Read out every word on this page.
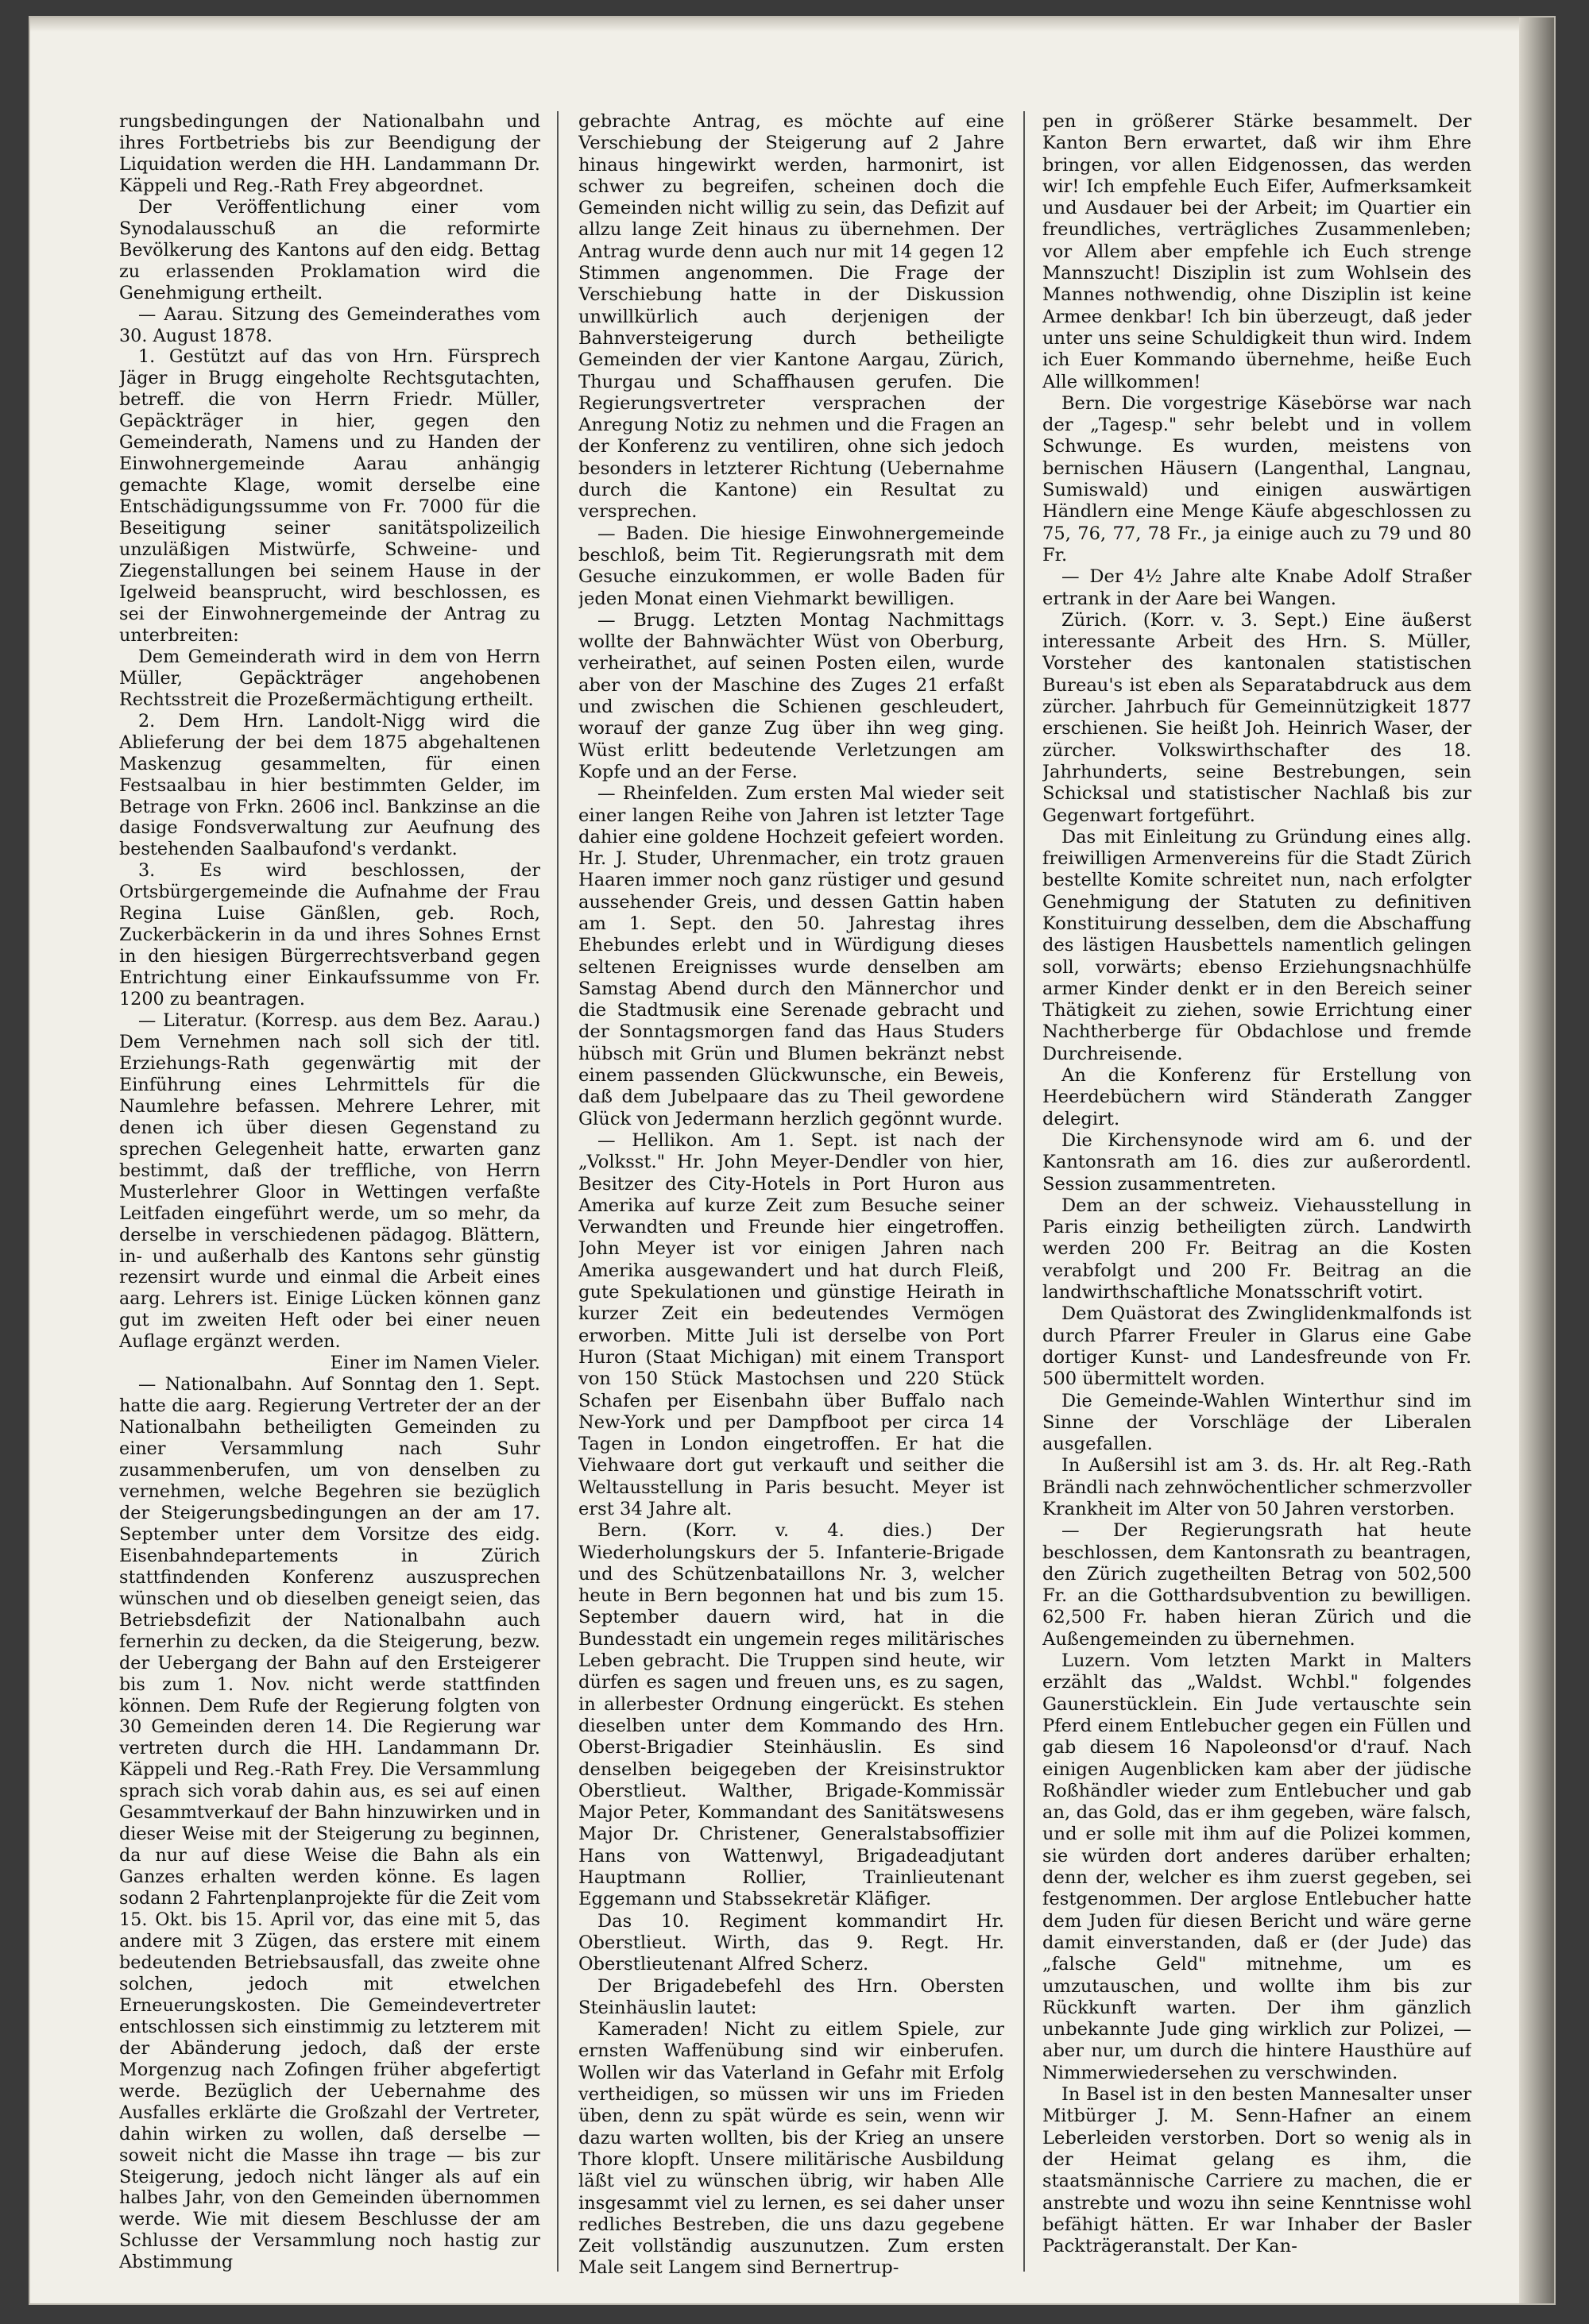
rungsbedingungen der Nationalbahn und ihres Fortbetriebs bis zur Beendigung der Liquidation werden die HH. Landammann Dr. Käppeli und Reg.-Rath Frey abgeordnet.

Der Veröffentlichung einer vom Synodalausschuß an die reformirte Bevölkerung des Kantons auf den eidg. Bettag zu erlassenden Proklamation wird die Genehmigung ertheilt.

— Aarau. Sitzung des Gemeinderathes vom 30. August 1878.

1. Gestützt auf das von Hrn. Fürsprech Jäger in Brugg eingeholte Rechtsgutachten, betreff. die von Herrn Friedr. Müller, Gepäckträger in hier, gegen den Gemeinderath, Namens und zu Handen der Einwohnergemeinde Aarau anhängig gemachte Klage, womit derselbe eine Entschädigungssumme von Fr. 7000 für die Beseitigung seiner sanitätspolizeilich unzuläßigen Mistwürfe, Schweine- und Ziegenstallungen bei seinem Hause in der Igelweid beansprucht, wird beschlossen, es sei der Einwohnergemeinde der Antrag zu unterbreiten:

Dem Gemeinderath wird in dem von Herrn Müller, Gepäckträger angehobenen Rechtsstreit die Prozeßermächtigung ertheilt.

2. Dem Hrn. Landolt-Nigg wird die Ablieferung der bei dem 1875 abgehaltenen Maskenzug gesammelten, für einen Festsaalbau in hier bestimmten Gelder, im Betrage von Frkn. 2606 incl. Bankzinse an die dasige Fondsverwaltung zur Aeufnung des bestehenden Saalbaufond's verdankt.

3. Es wird beschlossen, der Ortsbürgergemeinde die Aufnahme der Frau Regina Luise Gänßlen, geb. Roch, Zuckerbäckerin in da und ihres Sohnes Ernst in den hiesigen Bürgerrechtsverband gegen Entrichtung einer Einkaufssumme von Fr. 1200 zu beantragen.

— Literatur. (Korresp. aus dem Bez. Aarau.) Dem Vernehmen nach soll sich der titl. Erziehungs-Rath gegenwärtig mit der Einführung eines Lehrmittels für die Naumlehre befassen. Mehrere Lehrer, mit denen ich über diesen Gegenstand zu sprechen Gelegenheit hatte, erwarten ganz bestimmt, daß der treffliche, von Herrn Musterlehrer Gloor in Wettingen verfaßte Leitfaden eingeführt werde, um so mehr, da derselbe in verschiedenen pädagog. Blättern, in- und außerhalb des Kantons sehr günstig rezensirt wurde und einmal die Arbeit eines aarg. Lehrers ist. Einige Lücken können ganz gut im zweiten Heft oder bei einer neuen Auflage ergänzt werden.

Einer im Namen Vieler.

— Nationalbahn. Auf Sonntag den 1. Sept. hatte die aarg. Regierung Vertreter der an der Nationalbahn betheiligten Gemeinden zu einer Versammlung nach Suhr zusammenberufen, um von denselben zu vernehmen, welche Begehren sie bezüglich der Steigerungsbedingungen an der am 17. September unter dem Vorsitze des eidg. Eisenbahndepartements in Zürich stattfindenden Konferenz auszusprechen wünschen und ob dieselben geneigt seien, das Betriebsdefizit der Nationalbahn auch fernerhin zu decken, da die Steigerung, bezw. der Uebergang der Bahn auf den Ersteigerer bis zum 1. Nov. nicht werde stattfinden können. Dem Rufe der Regierung folgten von 30 Gemeinden deren 14. Die Regierung war vertreten durch die HH. Landammann Dr. Käppeli und Reg.-Rath Frey. Die Versammlung sprach sich vorab dahin aus, es sei auf einen Gesammtverkauf der Bahn hinzuwirken und in dieser Weise mit der Steigerung zu beginnen, da nur auf diese Weise die Bahn als ein Ganzes erhalten werden könne. Es lagen sodann 2 Fahrtenplanprojekte für die Zeit vom 15. Okt. bis 15. April vor, das eine mit 5, das andere mit 3 Zügen, das erstere mit einem bedeutenden Betriebsausfall, das zweite ohne solchen, jedoch mit etwelchen Erneuerungskosten. Die Gemeindevertreter entschlossen sich einstimmig zu letzterem mit der Abänderung jedoch, daß der erste Morgenzug nach Zofingen früher abgefertigt werde. Bezüglich der Uebernahme des Ausfalles erklärte die Großzahl der Vertreter, dahin wirken zu wollen, daß derselbe — soweit nicht die Masse ihn trage — bis zur Steigerung, jedoch nicht länger als auf ein halbes Jahr, von den Gemeinden übernommen werde. Wie mit diesem Beschlusse der am Schlusse der Versammlung noch hastig zur Abstimmung

gebrachte Antrag, es möchte auf eine Verschiebung der Steigerung auf 2 Jahre hinaus hingewirkt werden, harmonirt, ist schwer zu begreifen, scheinen doch die Gemeinden nicht willig zu sein, das Defizit auf allzu lange Zeit hinaus zu übernehmen. Der Antrag wurde denn auch nur mit 14 gegen 12 Stimmen angenommen. Die Frage der Verschiebung hatte in der Diskussion unwillkürlich auch derjenigen der Bahnversteigerung durch betheiligte Gemeinden der vier Kantone Aargau, Zürich, Thurgau und Schaffhausen gerufen. Die Regierungsvertreter versprachen der Anregung Notiz zu nehmen und die Fragen an der Konferenz zu ventiliren, ohne sich jedoch besonders in letzterer Richtung (Uebernahme durch die Kantone) ein Resultat zu versprechen.

— Baden. Die hiesige Einwohnergemeinde beschloß, beim Tit. Regierungsrath mit dem Gesuche einzukommen, er wolle Baden für jeden Monat einen Viehmarkt bewilligen.

— Brugg. Letzten Montag Nachmittags wollte der Bahnwächter Wüst von Oberburg, verheirathet, auf seinen Posten eilen, wurde aber von der Maschine des Zuges 21 erfaßt und zwischen die Schienen geschleudert, worauf der ganze Zug über ihn weg ging. Wüst erlitt bedeutende Verletzungen am Kopfe und an der Ferse.

— Rheinfelden. Zum ersten Mal wieder seit einer langen Reihe von Jahren ist letzter Tage dahier eine goldene Hochzeit gefeiert worden. Hr. J. Studer, Uhrenmacher, ein trotz grauen Haaren immer noch ganz rüstiger und gesund aussehender Greis, und dessen Gattin haben am 1. Sept. den 50. Jahrestag ihres Ehebundes erlebt und in Würdigung dieses seltenen Ereignisses wurde denselben am Samstag Abend durch den Männerchor und die Stadtmusik eine Serenade gebracht und der Sonntagsmorgen fand das Haus Studers hübsch mit Grün und Blumen bekränzt nebst einem passenden Glückwunsche, ein Beweis, daß dem Jubelpaare das zu Theil gewordene Glück von Jedermann herzlich gegönnt wurde.

— Hellikon. Am 1. Sept. ist nach der „Volksst." Hr. John Meyer-Dendler von hier, Besitzer des City-Hotels in Port Huron aus Amerika auf kurze Zeit zum Besuche seiner Verwandten und Freunde hier eingetroffen. John Meyer ist vor einigen Jahren nach Amerika ausgewandert und hat durch Fleiß, gute Spekulationen und günstige Heirath in kurzer Zeit ein bedeutendes Vermögen erworben. Mitte Juli ist derselbe von Port Huron (Staat Michigan) mit einem Transport von 150 Stück Mastochsen und 220 Stück Schafen per Eisenbahn über Buffalo nach New-York und per Dampfboot per circa 14 Tagen in London eingetroffen. Er hat die Viehwaare dort gut verkauft und seither die Weltausstellung in Paris besucht. Meyer ist erst 34 Jahre alt.

Bern. (Korr. v. 4. dies.) Der Wiederholungskurs der 5. Infanterie-Brigade und des Schützenbataillons Nr. 3, welcher heute in Bern begonnen hat und bis zum 15. September dauern wird, hat in die Bundesstadt ein ungemein reges militärisches Leben gebracht. Die Truppen sind heute, wir dürfen es sagen und freuen uns, es zu sagen, in allerbester Ordnung eingerückt. Es stehen dieselben unter dem Kommando des Hrn. Oberst-Brigadier Steinhäuslin. Es sind denselben beigegeben der Kreisinstruktor Oberstlieut. Walther, Brigade-Kommissär Major Peter, Kommandant des Sanitätswesens Major Dr. Christener, Generalstabsoffizier Hans von Wattenwyl, Brigadeadjutant Hauptmann Rollier, Trainlieutenant Eggemann und Stabssekretär Kläfiger.

Das 10. Regiment kommandirt Hr. Oberstlieut. Wirth, das 9. Regt. Hr. Oberstlieutenant Alfred Scherz.

Der Brigadebefehl des Hrn. Obersten Steinhäuslin lautet:

Kameraden! Nicht zu eitlem Spiele, zur ernsten Waffenübung sind wir einberufen. Wollen wir das Vaterland in Gefahr mit Erfolg vertheidigen, so müssen wir uns im Frieden üben, denn zu spät würde es sein, wenn wir dazu warten wollten, bis der Krieg an unsere Thore klopft. Unsere militärische Ausbildung läßt viel zu wünschen übrig, wir haben Alle insgesammt viel zu lernen, es sei daher unser redliches Bestreben, die uns dazu gegebene Zeit vollständig auszunutzen. Zum ersten Male seit Langem sind Bernertrup-

pen in größerer Stärke besammelt. Der Kanton Bern erwartet, daß wir ihm Ehre bringen, vor allen Eidgenossen, das werden wir! Ich empfehle Euch Eifer, Aufmerksamkeit und Ausdauer bei der Arbeit; im Quartier ein freundliches, verträgliches Zusammenleben; vor Allem aber empfehle ich Euch strenge Mannszucht! Disziplin ist zum Wohlsein des Mannes nothwendig, ohne Disziplin ist keine Armee denkbar! Ich bin überzeugt, daß jeder unter uns seine Schuldigkeit thun wird. Indem ich Euer Kommando übernehme, heiße Euch Alle willkommen!

Bern. Die vorgestrige Käsebörse war nach der „Tagesp." sehr belebt und in vollem Schwunge. Es wurden, meistens von bernischen Häusern (Langenthal, Langnau, Sumiswald) und einigen auswärtigen Händlern eine Menge Käufe abgeschlossen zu 75, 76, 77, 78 Fr., ja einige auch zu 79 und 80 Fr.

— Der 4½ Jahre alte Knabe Adolf Straßer ertrank in der Aare bei Wangen.

Zürich. (Korr. v. 3. Sept.) Eine äußerst interessante Arbeit des Hrn. S. Müller, Vorsteher des kantonalen statistischen Bureau's ist eben als Separatabdruck aus dem zürcher. Jahrbuch für Gemeinnützigkeit 1877 erschienen. Sie heißt Joh. Heinrich Waser, der zürcher. Volkswirthschafter des 18. Jahrhunderts, seine Bestrebungen, sein Schicksal und statistischer Nachlaß bis zur Gegenwart fortgeführt.

Das mit Einleitung zu Gründung eines allg. freiwilligen Armenvereins für die Stadt Zürich bestellte Komite schreitet nun, nach erfolgter Genehmigung der Statuten zu definitiven Konstituirung desselben, dem die Abschaffung des lästigen Hausbettels namentlich gelingen soll, vorwärts; ebenso Erziehungsnachhülfe armer Kinder denkt er in den Bereich seiner Thätigkeit zu ziehen, sowie Errichtung einer Nachtherberge für Obdachlose und fremde Durchreisende.

An die Konferenz für Erstellung von Heerdebüchern wird Ständerath Zangger delegirt.

Die Kirchensynode wird am 6. und der Kantonsrath am 16. dies zur außerordentl. Session zusammentreten.

Dem an der schweiz. Viehausstellung in Paris einzig betheiligten zürch. Landwirth werden 200 Fr. Beitrag an die Kosten verabfolgt und 200 Fr. Beitrag an die landwirthschaftliche Monatsschrift votirt.

Dem Quästorat des Zwinglidenkmalfonds ist durch Pfarrer Freuler in Glarus eine Gabe dortiger Kunst- und Landesfreunde von Fr. 500 übermittelt worden.

Die Gemeinde-Wahlen Winterthur sind im Sinne der Vorschläge der Liberalen ausgefallen.

In Außersihl ist am 3. ds. Hr. alt Reg.-Rath Brändli nach zehnwöchentlicher schmerzvoller Krankheit im Alter von 50 Jahren verstorben.

— Der Regierungsrath hat heute beschlossen, dem Kantonsrath zu beantragen, den Zürich zugetheilten Betrag von 502,500 Fr. an die Gotthardsubvention zu bewilligen. 62,500 Fr. haben hieran Zürich und die Außengemeinden zu übernehmen.

Luzern. Vom letzten Markt in Malters erzählt das „Waldst. Wchbl." folgendes Gaunerstücklein. Ein Jude vertauschte sein Pferd einem Entlebucher gegen ein Füllen und gab diesem 16 Napoleonsd'or d'rauf. Nach einigen Augenblicken kam aber der jüdische Roßhändler wieder zum Entlebucher und gab an, das Gold, das er ihm gegeben, wäre falsch, und er solle mit ihm auf die Polizei kommen, sie würden dort anderes darüber erhalten; denn der, welcher es ihm zuerst gegeben, sei festgenommen. Der arglose Entlebucher hatte dem Juden für diesen Bericht und wäre gerne damit einverstanden, daß er (der Jude) das „falsche Geld" mitnehme, um es umzutauschen, und wollte ihm bis zur Rückkunft warten. Der ihm gänzlich unbekannte Jude ging wirklich zur Polizei, — aber nur, um durch die hintere Hausthüre auf Nimmerwiedersehen zu verschwinden.

In Basel ist in den besten Mannesalter unser Mitbürger J. M. Senn-Hafner an einem Leberleiden verstorben. Dort so wenig als in der Heimat gelang es ihm, die staatsmännische Carriere zu machen, die er anstrebte und wozu ihn seine Kenntnisse wohl befähigt hätten. Er war Inhaber der Basler Packträgeranstalt. Der Kan-
